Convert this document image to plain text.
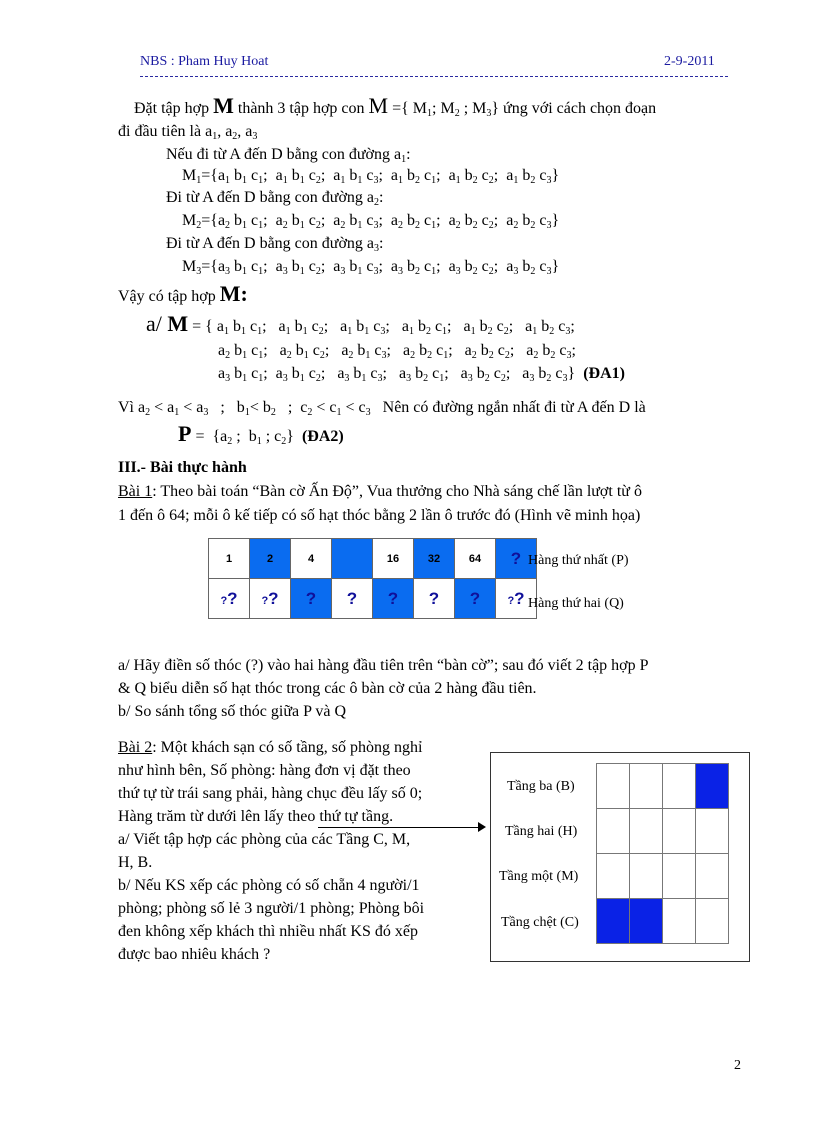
NBS : Pham Huy Hoat	2-9-2011
Đặt tập hợp M thành 3 tập hợp con M ={ $M_1$; $M_2$ ; $M_3$} ứng với cách chọn đoạn
đi đầu tiên là $a_1$, $a_2$, $a_3$
Nếu đi từ A đến D bằng con đường $a_1$:
$M_1=\{a_1$ $b_1$ $c_1$;  $a_1$ $b_1$ $c_2$;  $a_1$ $b_1$ $c_3$;  $a_1$ $b_2$ $c_1$;  $a_1$ $b_2$ $c_2$;  $a_1$ $b_2$ $c_3$}
Đi từ A đến D bằng con đường $a_2$:
$M_2=\{a_2$ $b_1$ $c_1$;  $a_2$ $b_1$ $c_2$;  $a_2$ $b_1$ $c_3$;  $a_2$ $b_2$ $c_1$;  $a_2$ $b_2$ $c_2$;  $a_2$ $b_2$ $c_3$}
Đi từ A đến D bằng con đường $a_3$:
$M_3=\{a_3$ $b_1$ $c_1$;  $a_3$ $b_1$ $c_2$;  $a_3$ $b_1$ $c_3$;  $a_3$ $b_2$ $c_1$;  $a_3$ $b_2$ $c_2$;  $a_3$ $b_2$ $c_3$}
Vậy có tập hợp M:
a/ M = { $a_1$ $b_1$ $c_1$;   $a_1$ $b_1$ $c_2$;   $a_1$ $b_1$ $c_3$;   $a_1$ $b_2$ $c_1$;   $a_1$ $b_2$ $c_2$;   $a_1$ $b_2$ $c_3$;
$a_2$ $b_1$ $c_1$;   $a_2$ $b_1$ $c_2$;   $a_2$ $b_1$ $c_3$;   $a_2$ $b_2$ $c_1$;   $a_2$ $b_2$ $c_2$;   $a_2$ $b_2$ $c_3$;
$a_3$ $b_1$ $c_1$;  $a_3$ $b_1$ $c_2$;   $a_3$ $b_1$ $c_3$;   $a_3$ $b_2$ $c_1$;   $a_3$ $b_2$ $c_2$;   $a_3$ $b_2$ $c_3$}  (ĐA1)
Vì $a_2 < a_1 < a_3$   ;   $b_1< b_2$   ;  $c_2 < c_1 < c_3$ Nên có đường ngắn nhất đi từ A đến D là
$P = \{a_2$ ;  $b_1$ ; $c_2$}  (ĐA2)
III.- Bài thực hành
Bài 1: Theo bài toán “Bàn cờ Ấn Độ”, Vua thưởng cho Nhà sáng chế lần lượt từ ô
1 đến ô 64; mỗi ô kế tiếp có số hạt thóc bằng 2 lần ô trước đó (Hình vẽ minh họa)
1	2	4		16	32	64	?
??	??	?	?	?	?	?	??
Hàng thứ nhất (P)
Hàng thứ hai (Q)
a/ Hãy điền số thóc (?) vào hai hàng đầu tiên trên “bàn cờ”; sau đó viết 2 tập hợp P
& Q biểu diễn số hạt thóc trong các ô bàn cờ của 2 hàng đầu tiên.
b/ So sánh tổng số thóc giữa P và Q
Bài 2: Một khách sạn có số tầng, số phòng nghỉ
như hình bên, Số phòng: hàng đơn vị đặt theo
thứ tự từ trái sang phải, hàng chục đều lấy số 0;
Hàng trăm từ dưới lên lấy theo thứ tự tầng.
a/ Viết tập hợp các phòng của các Tầng C, M,
H, B.
b/ Nếu KS xếp các phòng có số chẵn 4 người/1
phòng; phòng số lẻ 3 người/1 phòng; Phòng bôi
đen không xếp khách thì nhiều nhất KS đó xếp
được bao nhiêu khách ?
Tầng ba (B)
Tầng hai (H)
Tầng một (M)
Tầng chệt (C)

2
